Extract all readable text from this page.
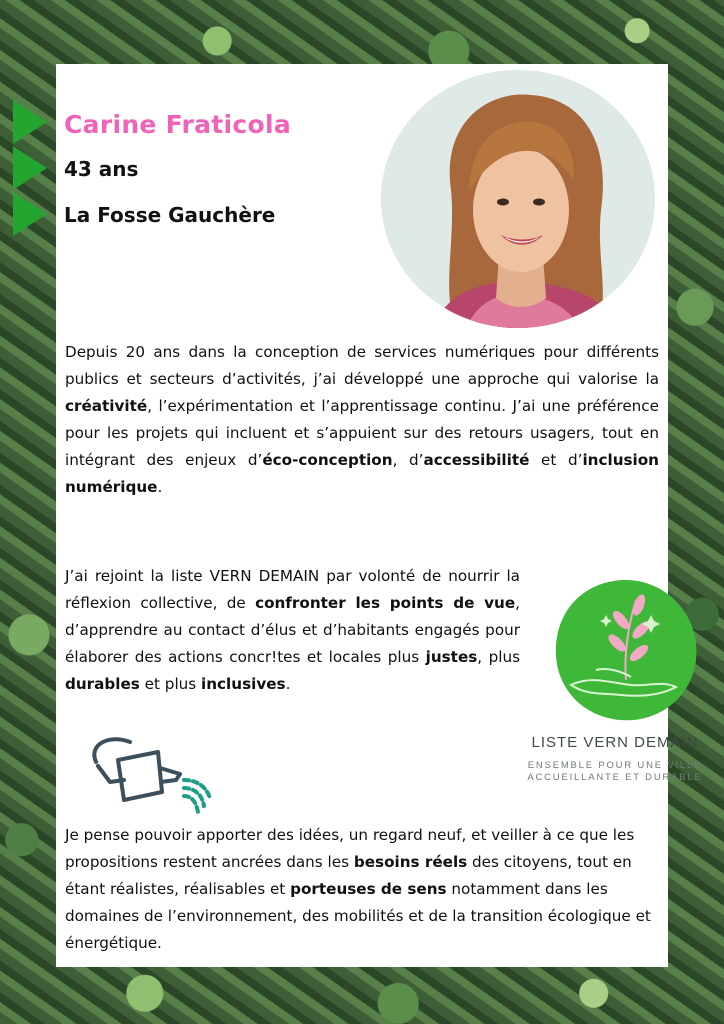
Carine Fraticola
43 ans
La Fosse Gauchère

Depuis 20 ans dans la conception de services numériques pour différents publics et secteurs d’activités, j’ai développé une approche qui valorise la créativité, l’expérimentation et l’apprentissage continu. J’ai une préférence pour les projets qui incluent et s’appuient sur des retours usagers, tout en intégrant des enjeux d’éco-conception, d’accessibilité et d’inclusion numérique.

J’ai rejoint la liste VERN DEMAIN par volonté de nourrir la réflexion collective, de confronter les points de vue, d’apprendre au contact d’élus et d’habitants engagés pour élaborer des actions concr!tes et locales plus justes, plus durables et plus inclusives.

LISTE VERN DEMAIN
ENSEMBLE POUR UNE VILLE
ACCUEILLANTE ET DURABLE

Je pense pouvoir apporter des idées, un regard neuf, et veiller à ce que les propositions restent ancrées dans les besoins réels des citoyens, tout en étant réalistes, réalisables et porteuses de sens notamment dans les domaines de l’environnement, des mobilités et de la transition écologique et énergétique.
